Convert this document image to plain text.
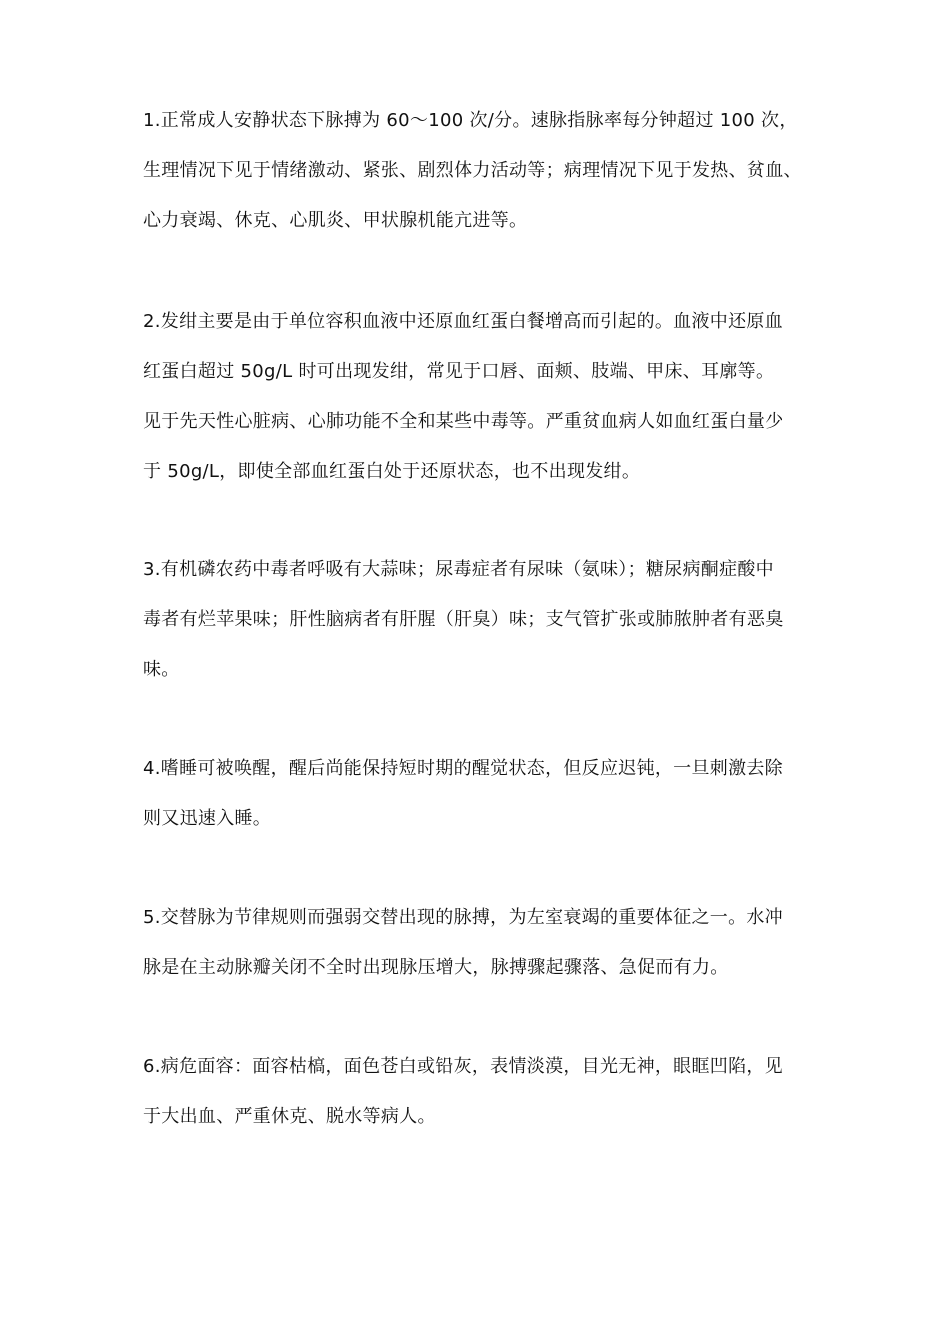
1.正常成人安静状态下脉搏为 60～100 次/分。速脉指脉率每分钟超过 100 次，
生理情况下见于情绪激动、紧张、剧烈体力活动等；病理情况下见于发热、贫血、
心力衰竭、休克、心肌炎、甲状腺机能亢进等。

2.发绀主要是由于单位容积血液中还原血红蛋白餐增高而引起的。血液中还原血
红蛋白超过 50g/L 时可出现发绀，常见于口唇、面颊、肢端、甲床、耳廓等。
见于先天性心脏病、心肺功能不全和某些中毒等。严重贫血病人如血红蛋白量少
于 50g/L，即使全部血红蛋白处于还原状态，也不出现发绀。

3.有机磷农药中毒者呼吸有大蒜味；尿毒症者有尿味（氨味）；糖尿病酮症酸中
毒者有烂苹果味；肝性脑病者有肝腥（肝臭）味；支气管扩张或肺脓肿者有恶臭
味。

4.嗜睡可被唤醒，醒后尚能保持短时期的醒觉状态，但反应迟钝，一旦刺激去除
则又迅速入睡。

5.交替脉为节律规则而强弱交替出现的脉搏，为左室衰竭的重要体征之一。水冲
脉是在主动脉瓣关闭不全时出现脉压增大，脉搏骤起骤落、急促而有力。

6.病危面容：面容枯槁，面色苍白或铅灰，表情淡漠，目光无神，眼眶凹陷，见
于大出血、严重休克、脱水等病人。
